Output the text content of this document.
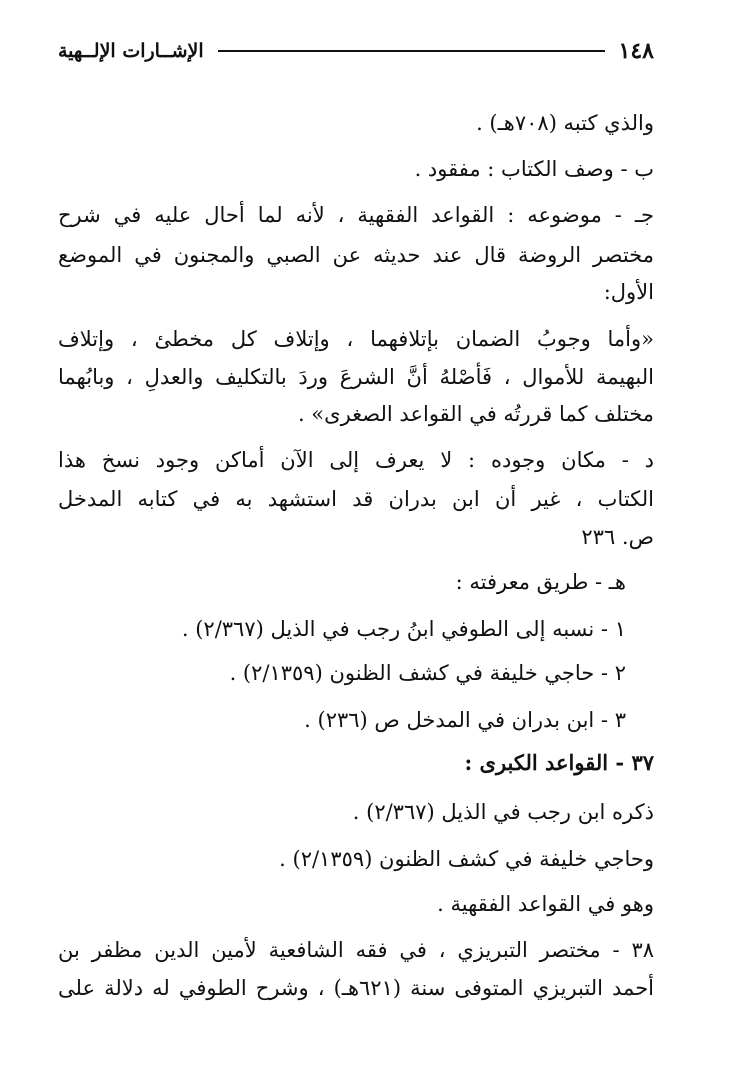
١٤٨
الإشــارات الإلــهية
والذي كتبه (٧٠٨هـ) .
ب - وصف الكتاب : مفقود .
جـ - موضوعه : القواعد الفقهية ، لأنه لما أحال عليه في شرح
مختصر الروضة قال عند حديثه عن الصبي والمجنون في الموضع
الأول:
«وأما وجوبُ الضمان بإتلافهما ، وإتلاف كل مخطئ ، وإتلاف
البهيمة للأموال ، فَأصْلهُ أنَّ الشرعَ وردَ بالتكليف والعدلِ ، وبابُهما
مختلف كما قررتُه في القواعد الصغرى» .
د - مكان وجوده : لا يعرف إلى الآن أماكن وجود نسخ هذا
الكتاب ، غير أن ابن بدران قد استشهد به في كتابه المدخل
ص. ٢٣٦
هـ - طريق معرفته :
١ - نسبه إلى الطوفي ابنُ رجب في الذيل (٢/٣٦٧) .
٢ - حاجي خليفة في كشف الظنون (٢/١٣٥٩) .
٣ - ابن بدران في المدخل ص (٢٣٦) .
٣٧ - القواعد الكبرى :
ذكره ابن رجب في الذيل (٢/٣٦٧) .
وحاجي خليفة في كشف الظنون (٢/١٣٥٩) .
وهو في القواعد الفقهية .
٣٨ - مختصر التبريزي ، في فقه الشافعية لأمين الدين مظفر بن
أحمد التبريزي المتوفى سنة (٦٢١هـ) ، وشرح الطوفي له دلالة على
